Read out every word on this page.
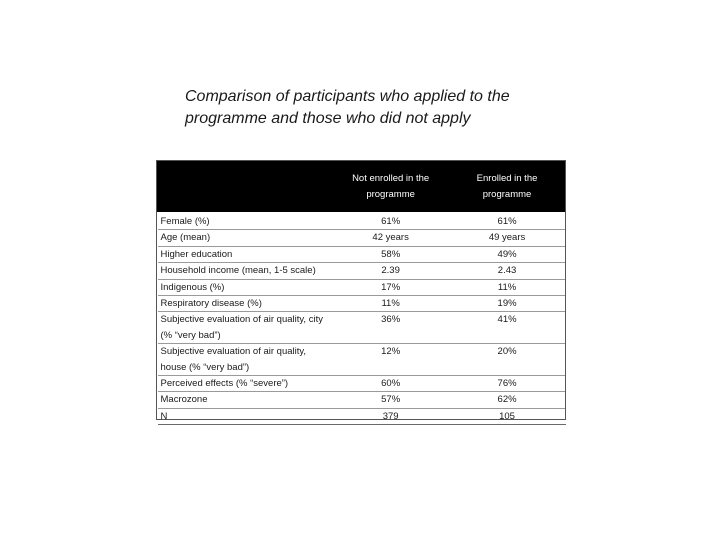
Comparison of participants who applied to the
programme and those who did not apply
	Not enrolled in the programme	Enrolled in the programme
Female (%)	61%	61%
Age (mean)	42 years	49 years
Higher education	58%	49%
Household income (mean, 1-5 scale)	2.39	2.43
Indigenous (%)	17%	11%
Respiratory disease (%)	11%	19%
Subjective evaluation of air quality, city (% “very bad”)	36%	41%
Subjective evaluation of air quality, house (% “very bad”)	12%	20%
Perceived effects (% “severe”)	60%	76%
Macrozone	57%	62%
N	379	105
